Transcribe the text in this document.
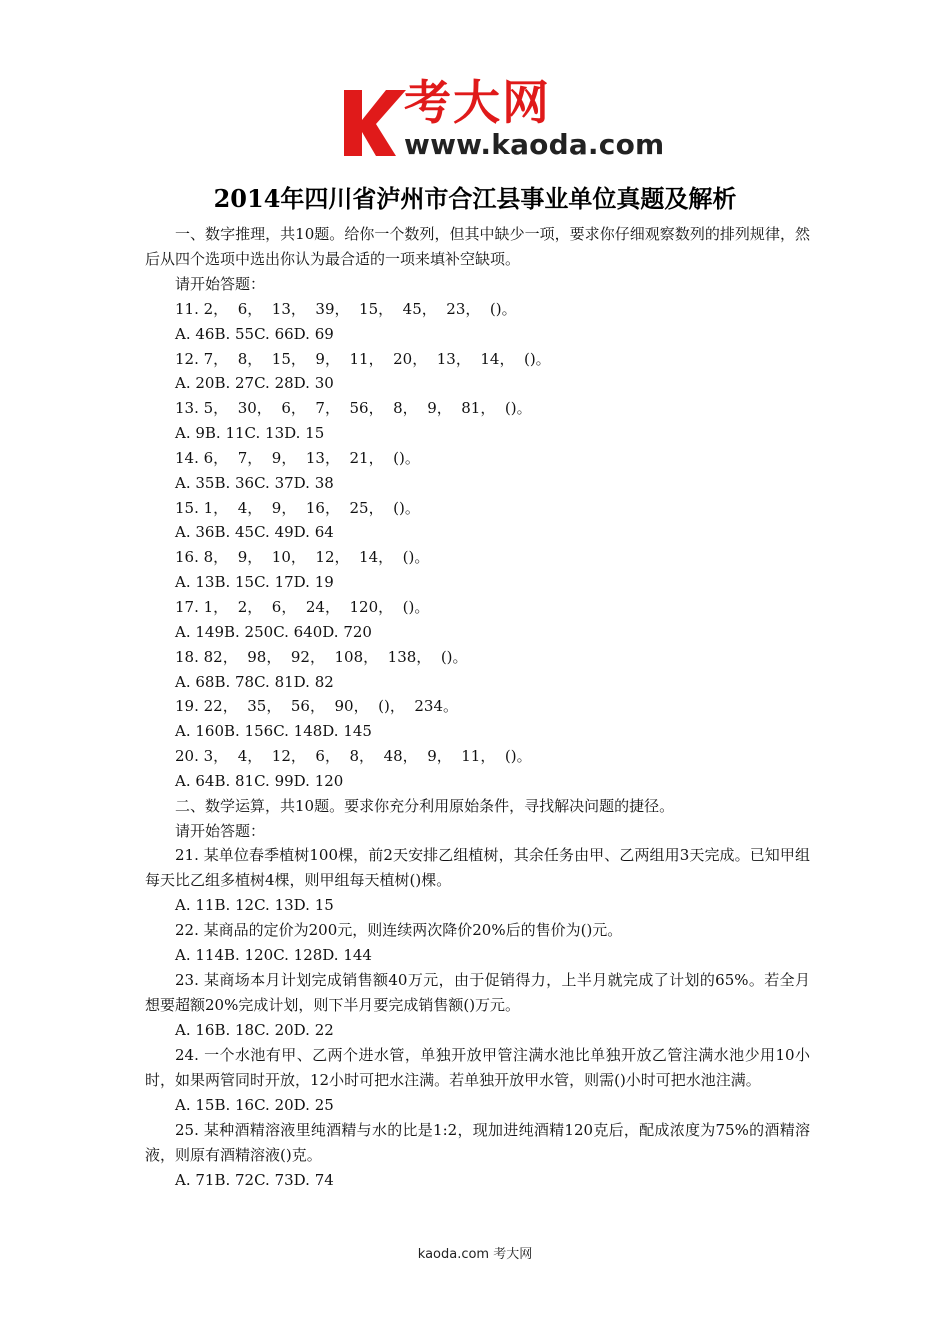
考大网
www.kaoda.com
2014年四川省泸州市合江县事业单位真题及解析

一、数字推理，共10题。给你一个数列，但其中缺少一项，要求你仔细观察数列的排列规律，然后从四个选项中选出你认为最合适的一项来填补空缺项。

请开始答题：

11. 2，  6，  13，  39，  15，  45，  23，  ()。

A. 46B. 55C. 66D. 69

12. 7，  8，  15，  9，  11，  20，  13，  14，  ()。

A. 20B. 27C. 28D. 30

13. 5，  30，  6，  7，  56，  8，  9，  81，  ()。

A. 9B. 11C. 13D. 15

14. 6，  7，  9，  13，  21，  ()。

A. 35B. 36C. 37D. 38

15. 1，  4，  9，  16，  25，  ()。

A. 36B. 45C. 49D. 64

16. 8，  9，  10，  12，  14，  ()。

A. 13B. 15C. 17D. 19

17. 1，  2，  6，  24，  120，  ()。

A. 149B. 250C. 640D. 720

18. 82，  98，  92，  108，  138，  ()。

A. 68B. 78C. 81D. 82

19. 22，  35，  56，  90，  ()，  234。

A. 160B. 156C. 148D. 145

20. 3，  4，  12，  6，  8，  48，  9，  11，  ()。

A. 64B. 81C. 99D. 120

二、数学运算，共10题。要求你充分利用原始条件，寻找解决问题的捷径。

请开始答题：

21. 某单位春季植树100棵，前2天安排乙组植树，其余任务由甲、乙两组用3天完成。已知甲组每天比乙组多植树4棵，则甲组每天植树()棵。

A. 11B. 12C. 13D. 15

22. 某商品的定价为200元，则连续两次降价20%后的售价为()元。

A. 114B. 120C. 128D. 144

23. 某商场本月计划完成销售额40万元，由于促销得力，上半月就完成了计划的65%。若全月想要超额20%完成计划，则下半月要完成销售额()万元。

A. 16B. 18C. 20D. 22

24. 一个水池有甲、乙两个进水管，单独开放甲管注满水池比单独开放乙管注满水池少用10小时，如果两管同时开放，12小时可把水注满。若单独开放甲水管，则需()小时可把水池注满。

A. 15B. 16C. 20D. 25

25. 某种酒精溶液里纯酒精与水的比是1:2，现加进纯酒精120克后，配成浓度为75%的酒精溶液，则原有酒精溶液()克。

A. 71B. 72C. 73D. 74

kaoda.com 考大网
